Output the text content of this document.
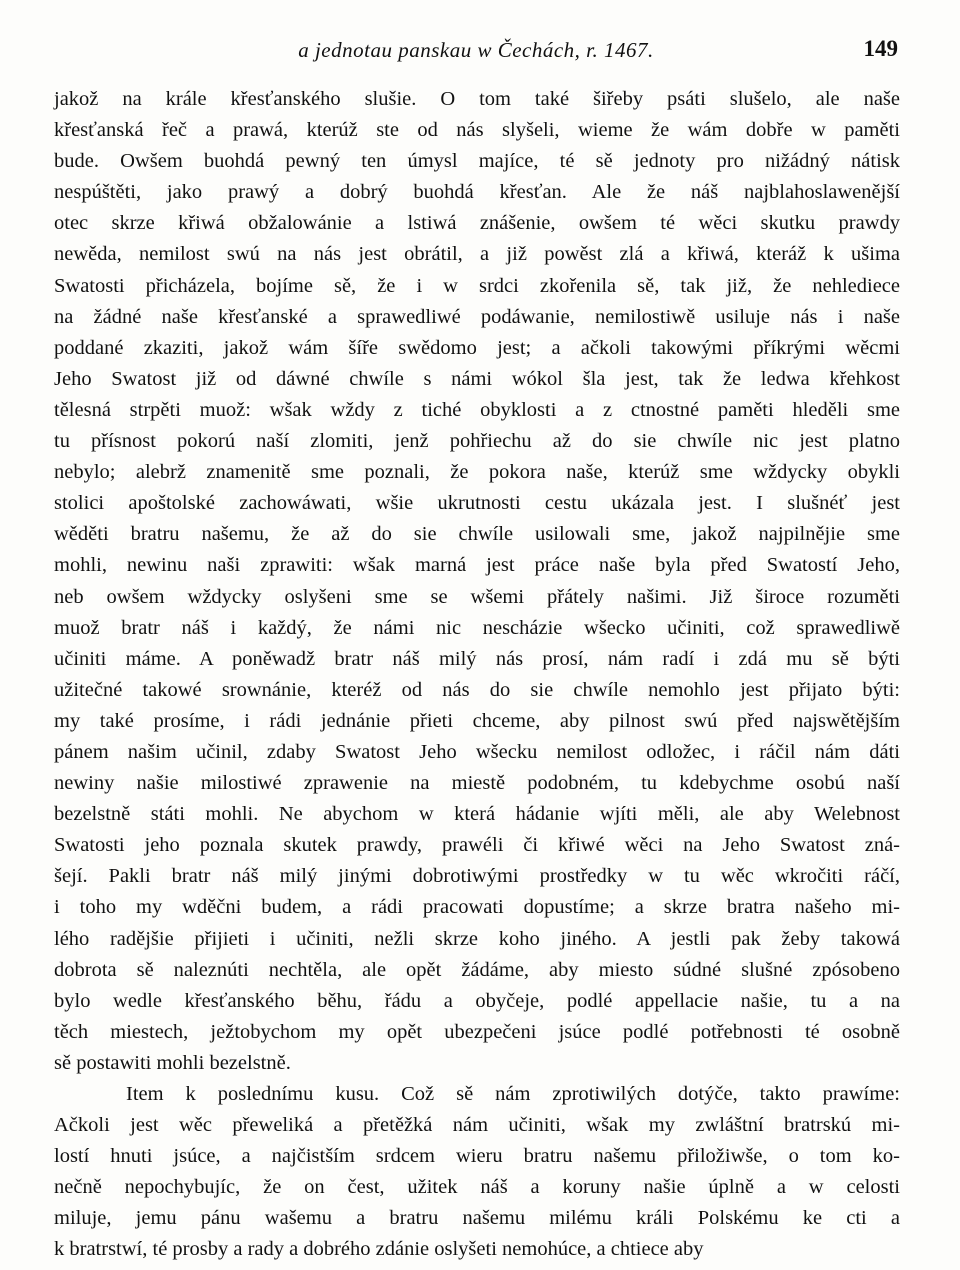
a jednotau panskau w Čechách, r. 1467.	149
jakož na krále křesťanského slušie. O tom také šiřeby psáti slušelo, ale naše
křesťanská řeč a prawá, kterúž ste od nás slyšeli, wieme že wám dobře w paměti
bude. Owšem buohdá pewný ten úmysl majíce, té sě jednoty pro nižádný nátisk
nespúštěti, jako prawý a dobrý buohdá křesťan. Ale že náš najblahoslawenější
otec skrze křiwá obžalowánie a lstiwá znášenie, owšem té wěci skutku prawdy
newěda, nemilost swú na nás jest obrátil, a již powěst zlá a křiwá, kteráž k ušima
Swatosti přicházela, bojíme sě, že i w srdci zkořenila sě, tak již, že nehlediece
na žádné naše křesťanské a sprawedliwé podáwanie, nemilostiwě usiluje nás i naše
poddané zkaziti, jakož wám šíře swědomo jest; a ačkoli takowými příkrými wěcmi
Jeho Swatost již od dáwné chwíle s námi wókol šla jest, tak že ledwa křehkost
tělesná strpěti muož: wšak wždy z tiché obyklosti a z ctnostné paměti hleděli sme
tu přísnost pokorú naší zlomiti, jenž pohřiechu až do sie chwíle nic jest platno
nebylo; alebrž znamenitě sme poznali, že pokora naše, kterúž sme wždycky obykli
stolici apoštolské zachowáwati, wšie ukrutnosti cestu ukázala jest. I slušnéť jest
wěděti bratru našemu, že až do sie chwíle usilowali sme, jakož najpilnějie sme
mohli, newinu naši zprawiti: wšak marná jest práce naše byla před Swatostí Jeho,
neb owšem wždycky oslyšeni sme se wšemi přátely našimi. Již široce rozuměti
muož bratr náš i každý, že námi nic nescházie wšecko učiniti, což sprawedliwě
učiniti máme. A poněwadž bratr náš milý nás prosí, nám radí i zdá mu sě býti
užitečné takowé srownánie, kteréž od nás do sie chwíle nemohlo jest přijato býti:
my také prosíme, i rádi jednánie přieti chceme, aby pilnost swú před najswětějším
pánem našim učinil, zdaby Swatost Jeho wšecku nemilost odložec, i ráčil nám dáti
newiny našie milostiwé zprawenie na miestě podobném, tu kdebychme osobú naší
bezelstně státi mohli. Ne abychom w která hádanie wjíti měli, ale aby Welebnost
Swatosti jeho poznala skutek prawdy, prawéli či křiwé wěci na Jeho Swatost zná-
šejí. Pakli bratr náš milý jinými dobrotiwými prostředky w tu wěc wkročiti ráčí,
i toho my wděčni budem, a rádi pracowati dopustíme; a skrze bratra našeho mi-
lého radějšie přijieti i učiniti, nežli skrze koho jiného. A jestli pak žeby takowá
dobrota sě naleznúti nechtěla, ale opět žádáme, aby miesto súdné slušné zpósobeno
bylo wedle křesťanského běhu, řádu a obyčeje, podlé appellacie našie, tu a na
těch miestech, ježtobychom my opět ubezpečeni jsúce podlé potřebnosti té osobně
sě postawiti mohli bezelstně.
Item k poslednímu kusu. Což sě nám zprotiwilých dotýče, takto prawíme:
Ačkoli jest wěc přeweliká a přetěžká nám učiniti, wšak my zwláštní bratrskú mi-
lostí hnuti jsúce, a najčistším srdcem wieru bratru našemu přiložiwše, o tom ko-
nečně nepochybujíc, že on čest, užitek náš a koruny našie úplně a w celosti
miluje, jemu pánu wašemu a bratru našemu milému králi Polskému ke cti a
k bratrstwí, té prosby a rady a dobrého zdánie oslyšeti nemohúce, a chtiece aby
